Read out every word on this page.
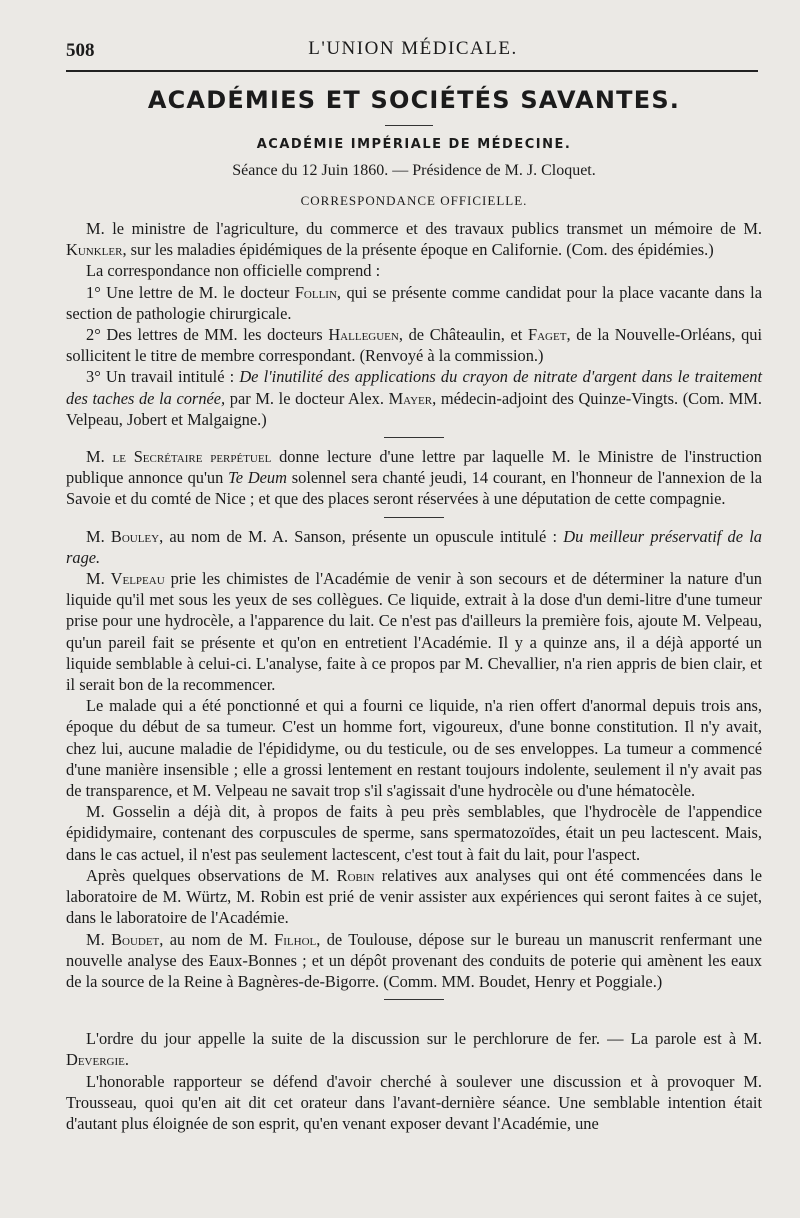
508	L'UNION MÉDICALE.
ACADÉMIES ET SOCIÉTÉS SAVANTES.
ACADÉMIE IMPÉRIALE DE MÉDECINE.
Séance du 12 Juin 1860. — Présidence de M. J. Cloquet.
CORRESPONDANCE OFFICIELLE.

M. le ministre de l'agriculture, du commerce et des travaux publics transmet un mémoire de M. Kunkler, sur les maladies épidémiques de la présente époque en Californie. (Com. des épidémies.)

La correspondance non officielle comprend :

1° Une lettre de M. le docteur Follin, qui se présente comme candidat pour la place vacante dans la section de pathologie chirurgicale.

2° Des lettres de MM. les docteurs Halleguen, de Châteaulin, et Faget, de la Nouvelle-Orléans, qui sollicitent le titre de membre correspondant. (Renvoyé à la commission.)

3° Un travail intitulé : De l'inutilité des applications du crayon de nitrate d'argent dans le traitement des taches de la cornée, par M. le docteur Alex. Mayer, médecin-adjoint des Quinze-Vingts. (Com. MM. Velpeau, Jobert et Malgaigne.)

M. le Secrétaire perpétuel donne lecture d'une lettre par laquelle M. le Ministre de l'instruction publique annonce qu'un Te Deum solennel sera chanté jeudi, 14 courant, en l'honneur de l'annexion de la Savoie et du comté de Nice ; et que des places seront réservées à une députation de cette compagnie.

M. Bouley, au nom de M. A. Sanson, présente un opuscule intitulé : Du meilleur préservatif de la rage.

M. Velpeau prie les chimistes de l'Académie de venir à son secours et de déterminer la nature d'un liquide qu'il met sous les yeux de ses collègues. Ce liquide, extrait à la dose d'un demi-litre d'une tumeur prise pour une hydrocèle, a l'apparence du lait. Ce n'est pas d'ailleurs la première fois, ajoute M. Velpeau, qu'un pareil fait se présente et qu'on en entretient l'Académie. Il y a quinze ans, il a déjà apporté un liquide semblable à celui-ci. L'analyse, faite à ce propos par M. Chevallier, n'a rien appris de bien clair, et il serait bon de la recommencer.

Le malade qui a été ponctionné et qui a fourni ce liquide, n'a rien offert d'anormal depuis trois ans, époque du début de sa tumeur. C'est un homme fort, vigoureux, d'une bonne constitution. Il n'y avait, chez lui, aucune maladie de l'épididyme, ou du testicule, ou de ses enveloppes. La tumeur a commencé d'une manière insensible ; elle a grossi lentement en restant toujours indolente, seulement il n'y avait pas de transparence, et M. Velpeau ne savait trop s'il s'agissait d'une hydrocèle ou d'une hématocèle.

M. Gosselin a déjà dit, à propos de faits à peu près semblables, que l'hydrocèle de l'appendice épididymaire, contenant des corpuscules de sperme, sans spermatozoïdes, était un peu lactescent. Mais, dans le cas actuel, il n'est pas seulement lactescent, c'est tout à fait du lait, pour l'aspect.

Après quelques observations de M. Robin relatives aux analyses qui ont été commencées dans le laboratoire de M. Würtz, M. Robin est prié de venir assister aux expériences qui seront faites à ce sujet, dans le laboratoire de l'Académie.

M. Boudet, au nom de M. Filhol, de Toulouse, dépose sur le bureau un manuscrit renfermant une nouvelle analyse des Eaux-Bonnes ; et un dépôt provenant des conduits de poterie qui amènent les eaux de la source de la Reine à Bagnères-de-Bigorre. (Comm. MM. Boudet, Henry et Poggiale.)

L'ordre du jour appelle la suite de la discussion sur le perchlorure de fer. — La parole est à M. Devergie.

L'honorable rapporteur se défend d'avoir cherché à soulever une discussion et à provoquer M. Trousseau, quoi qu'en ait dit cet orateur dans l'avant-dernière séance. Une semblable intention était d'autant plus éloignée de son esprit, qu'en venant exposer devant l'Académie, une
